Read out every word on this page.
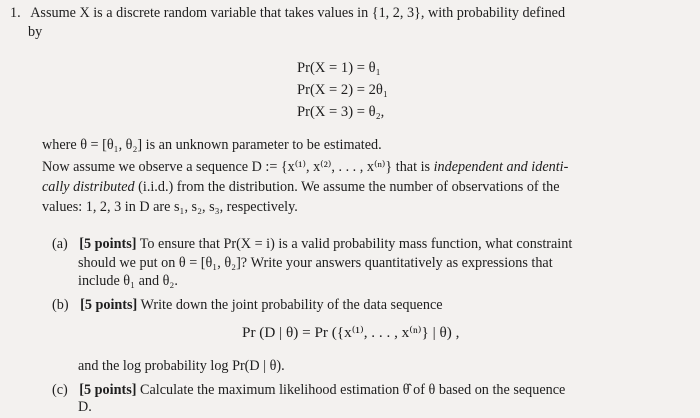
1. Assume X is a discrete random variable that takes values in {1, 2, 3}, with probability defined
by
Pr(X = 1) = θ₁
Pr(X = 2) = 2θ₁
Pr(X = 3) = θ₂,
where θ = [θ₁, θ₂] is an unknown parameter to be estimated.
Now assume we observe a sequence D := {x⁽¹⁾, x⁽²⁾, . . . , x⁽ⁿ⁾} that is independent and identi-
cally distributed (i.i.d.) from the distribution. We assume the number of observations of the
values: 1, 2, 3 in D are s₁, s₂, s₃, respectively.
(a) [5 points] To ensure that Pr(X = i) is a valid probability mass function, what constraint
should we put on θ = [θ₁, θ₂]? Write your answers quantitatively as expressions that
include θ₁ and θ₂.
(b) [5 points] Write down the joint probability of the data sequence
Pr (D | θ) = Pr ({x⁽¹⁾, . . . , x⁽ⁿ⁾} | θ) ,
and the log probability log Pr(D | θ).
(c) [5 points] Calculate the maximum likelihood estimation θ̂ of θ based on the sequence
D.
